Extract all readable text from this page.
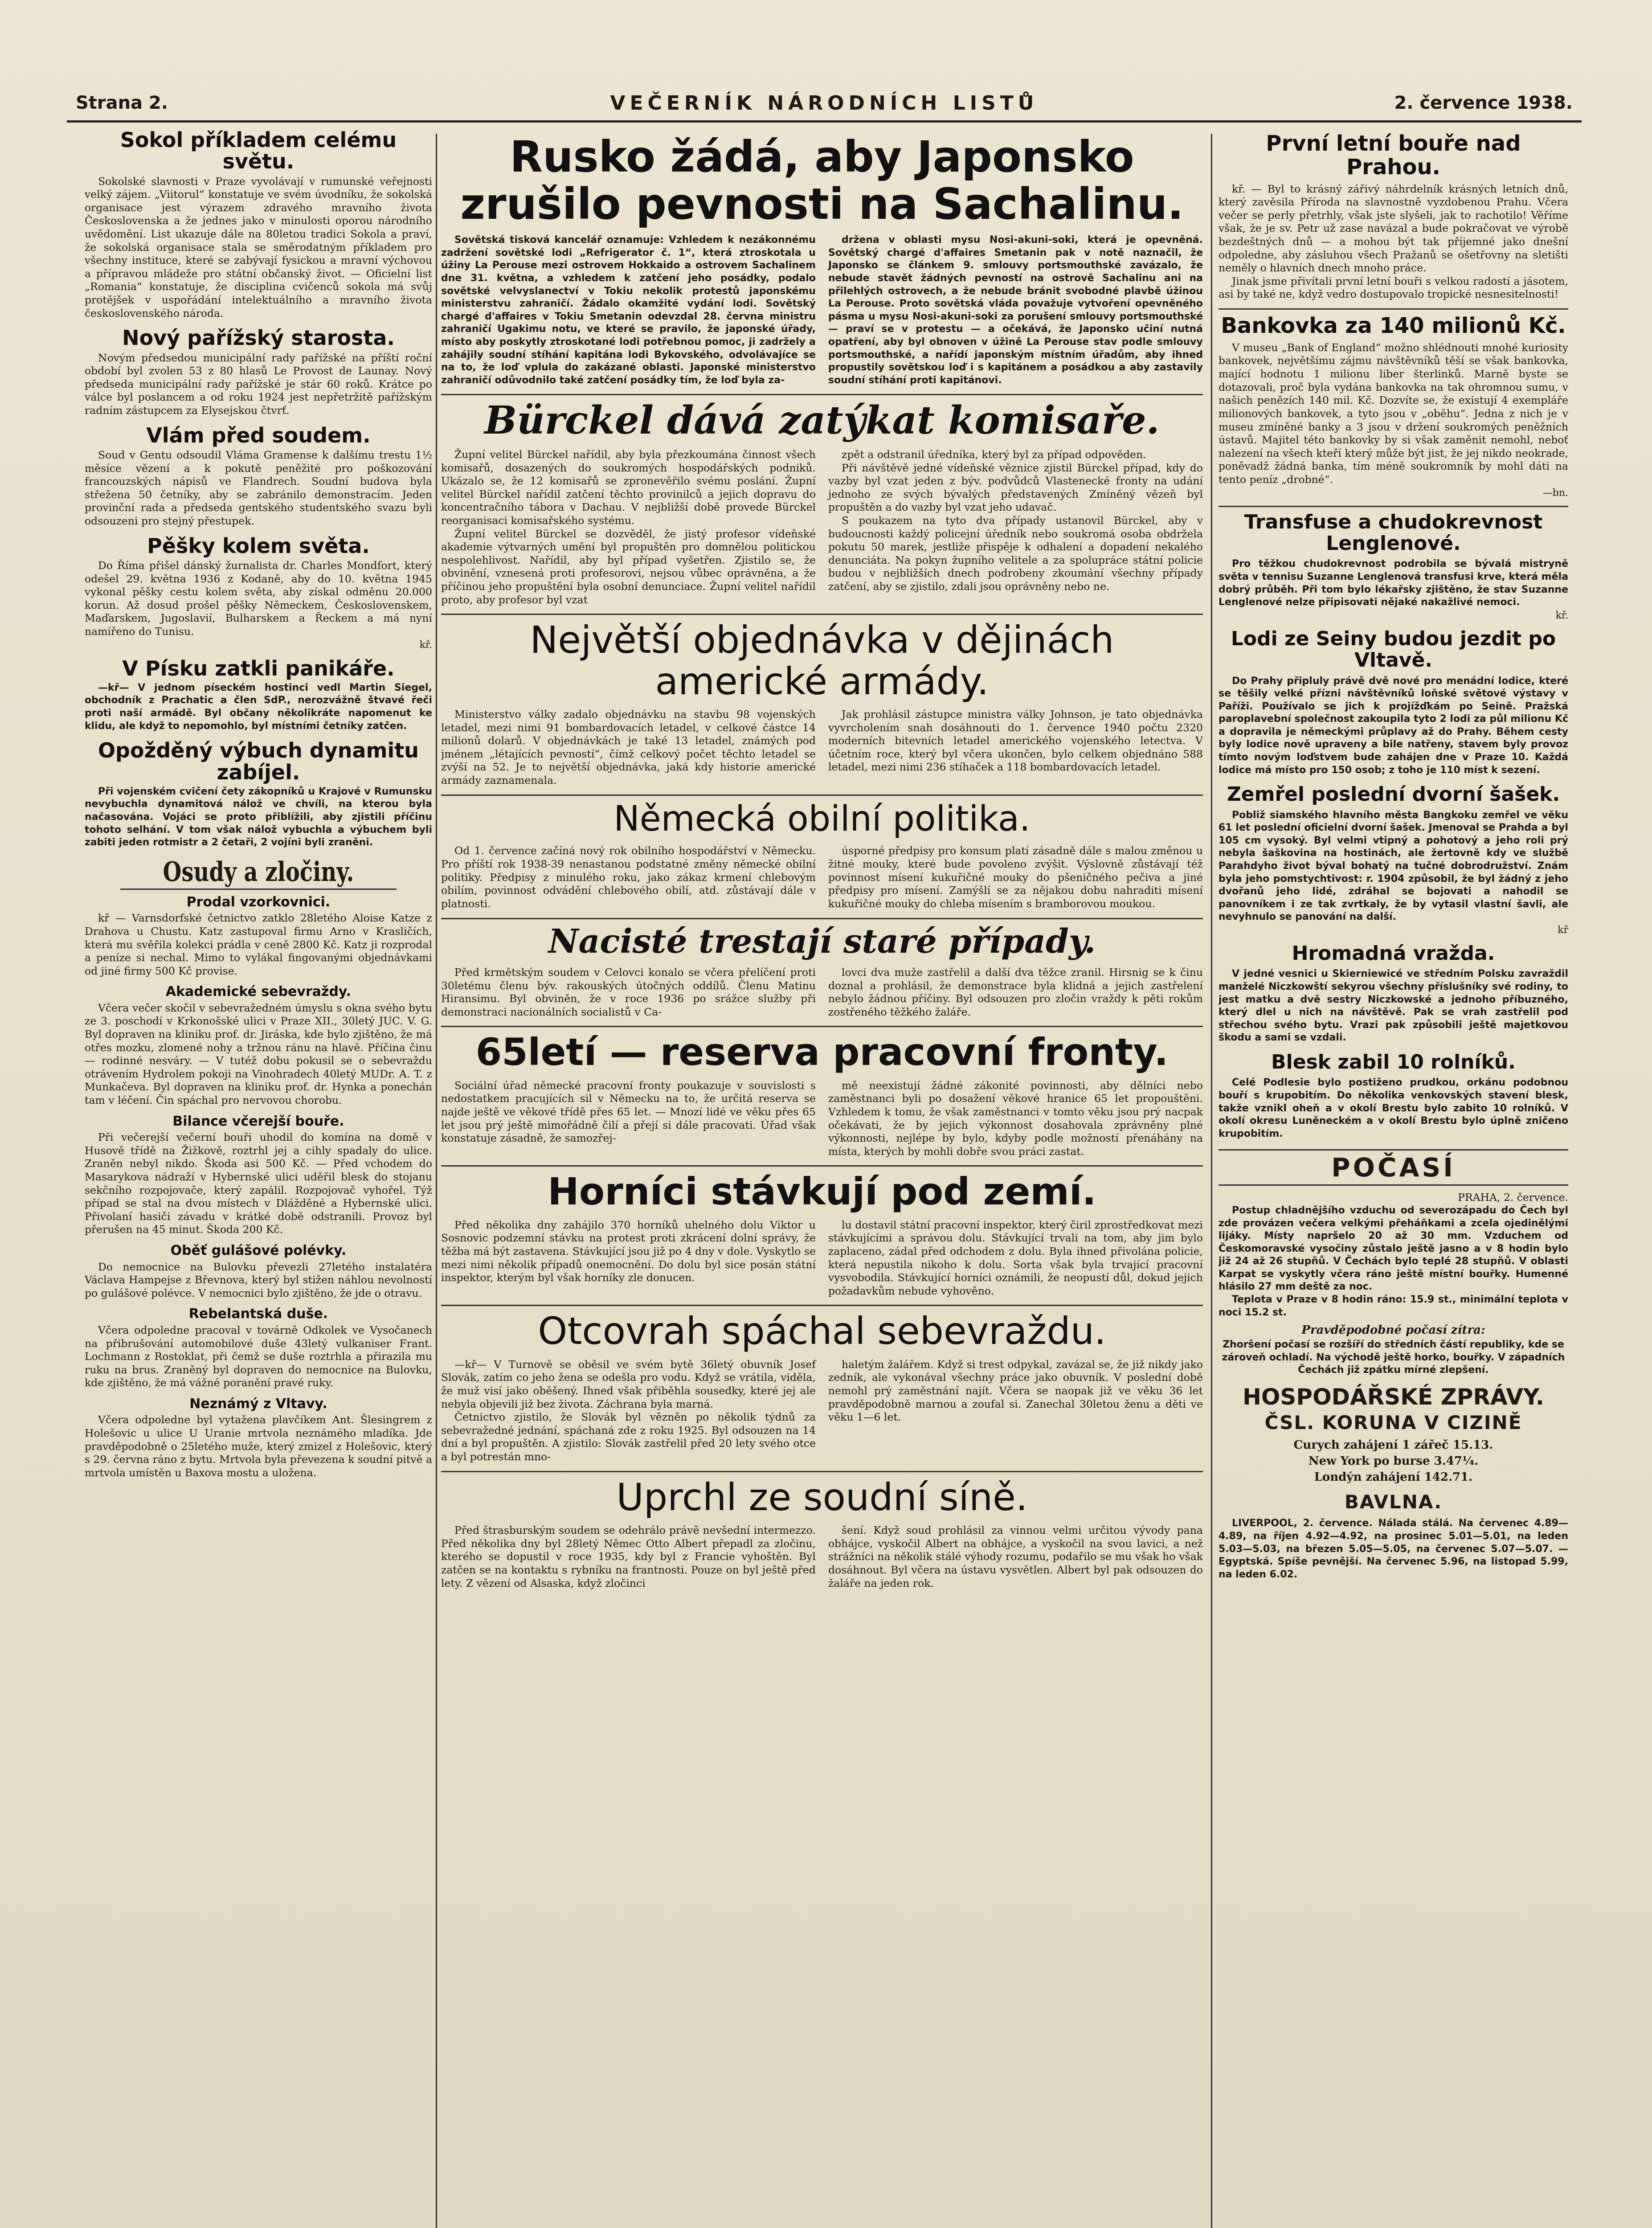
Strana 2.	VEČERNÍK NÁRODNÍCH LISTŮ	2. července 1938.
Sokol příkladem celému světu.

Sokolské slavnosti v Praze vyvolávají v rumunské veřejnosti velký zájem. „Viitorul“ konstatuje ve svém úvodníku, že sokolská organisace jest výrazem zdravého mravního života Československa a že jednes jako v minulosti oporou národního uvědomění. List ukazuje dále na 80letou tradici Sokola a praví, že sokolská organisace stala se směrodatným příkladem pro všechny instituce, které se zabývají fysickou a mravní výchovou a přípravou mládeže pro státní občanský život. — Oficielní list „Romania“ konstatuje, že disciplina cvičenců sokola má svůj protějšek v uspořádání intelektuálního a mravního života československého národa.

Nový pařížský starosta.

Novým předsedou municipální rady pařížské na příští roční období byl zvolen 53 z 80 hlasů Le Provost de Launay. Nový předseda municipální rady pařížské je stár 60 roků. Krátce po válce byl poslancem a od roku 1924 jest nepřetržitě pařížským radním zástupcem za Elysejskou čtvrť.

Vlám před soudem.

Soud v Gentu odsoudil Vláma Gramense k dalšímu trestu 1½ měsíce vězení a k pokutě peněžité pro poškozování francouzských nápisů ve Flandrech. Soudní budova byla střežena 50 četníky, aby se zabránilo demonstracím. Jeden provinční rada a předseda gentského studentského svazu byli odsouzeni pro stejný přestupek.

Pěšky kolem světa.

Do Říma přišel dánský žurnalista dr. Charles Mondfort, který odešel 29. května 1936 z Kodaně, aby do 10. května 1945 vykonal pěšky cestu kolem světa, aby získal odměnu 20.000 korun. Až dosud prošel pěšky Německem, Československem, Maďarskem, Jugoslavií, Bulharskem a Řeckem a má nyní namířeno do Tunisu.

kř.
V Písku zatkli panikáře.

—kř— V jednom píseckém hostinci vedl Martin Siegel, obchodník z Prachatic a člen SdP., nerozvážně štvavé řeči proti naší armádě. Byl občany několikráte napomenut ke klidu, ale když to nepomohlo, byl místními četníky zatčen.

Opožděný výbuch dynamitu zabíjel.

Při vojenském cvičení čety zákopníků u Krajové v Rumunsku nevybuchla dynamitová nálož ve chvíli, na kterou byla načasována. Vojáci se proto přiblížili, aby zjistili příčinu tohoto selhání. V tom však nálož vybuchla a výbuchem byli zabiti jeden rotmistr a 2 četaři, 2 vojíni byli zraněni.

Osudy a zločiny.
Prodal vzorkovnici.

kř — Varnsdorfské četnictvo zatklo 28letého Aloise Katze z Drahova u Chustu. Katz zastupoval firmu Arno v Krasličích, která mu svěřila kolekci prádla v ceně 2800 Kč. Katz ji rozprodal a peníze si nechal. Mimo to vylákal fingovanými objednávkami od jiné firmy 500 Kč provise.

Akademické sebevraždy.

Včera večer skočil v sebevražedném úmyslu s okna svého bytu ze 3. poschodí v Krkonošské ulici v Praze XII., 30letý JUC. V. G. Byl dopraven na kliniku prof. dr. Jiráska, kde bylo zjištěno, že má otřes mozku, zlomené nohy a tržnou ránu na hlavě. Příčina činu — rodinné nesváry. — V tutéž dobu pokusil se o sebevraždu otrávením Hydrolem pokoji na Vinohradech 40letý MUDr. A. T. z Munkačeva. Byl dopraven na kliniku prof. dr. Hynka a ponechán tam v léčení. Čin spáchal pro nervovou chorobu.

Bilance včerejší bouře.

Při večerejší večerní bouři uhodil do komína na domě v Husově třídě na Žižkově, roztrhl jej a cihly spadaly do ulice. Zraněn nebyl nikdo. Škoda asi 500 Kč. — Před vchodem do Masarykova nádraží v Hybernské ulici uděřil blesk do stojanu sekčního rozpojovače, který zapálil. Rozpojovač vyhořel. Týž případ se stal na dvou místech v Dlážděné a Hybernské ulici. Přivolaní hasiči závadu v krátké době odstranili. Provoz byl přerušen na 45 minut. Škoda 200 Kč.

Oběť gulášové polévky.

Do nemocnice na Bulovku převezli 27letého instalatéra Václava Hampejse z Břevnova, který byl stižen náhlou nevolností po gulášové polévce. V nemocnici bylo zjištěno, že jde o otravu.

Rebelantská duše.

Včera odpoledne pracoval v továrně Odkolek ve Vysočanech na přibrušování automobilové duše 43letý vulkaniser Frant. Lochmann z Rostoklat, při čemž se duše roztrhla a přirazila mu ruku na brus. Zraněný byl dopraven do nemocnice na Bulovku, kde zjištěno, že má vážné poranění pravé ruky.

Neznámý z Vltavy.

Včera odpoledne byl vytažena plavčíkem Ant. Šlesingrem z Holešovic u ulice U Uranie mrtvola neznámého mladíka. Jde pravděpodobně o 25letého muže, který zmizel z Holešovic, který s 29. června ráno z bytu. Mrtvola byla převezena k soudní pitvě a mrtvola umístěn u Baxova mostu a uložena.

Rusko žádá, aby Japonsko zrušilo pevnosti na Sachalinu.

Sovětská tisková kancelář oznamuje: Vzhledem k nezákonnému zadržení sovětské lodi „Refrigerator č. 1“, která ztroskotala u úžiny La Perouse mezi ostrovem Hokkaido a ostrovem Sachalinem dne 31. května, a vzhledem k zatčení jeho posádky, podalo sovětské velvyslanectví v Tokiu nekolik protestů japonskému ministerstvu zahraničí. Žádalo okamžité vydání lodi. Sovětský chargé d'affaires v Tokiu Smetanin odevzdal 28. června ministru zahraničí Ugakimu notu, ve které se pravilo, že japonské úřady, místo aby poskytly ztroskotané lodi potřebnou pomoc, ji zadržely a zahájily soudní stíhání kapitána lodi Bykovského, odvolávajíce se na to, že loď vplula do zakázané oblasti. Japonské ministerstvo zahraničí odůvodnilo také zatčení posádky tím, že loď byla za-

držena v oblasti mysu Nosi-akuni-soki, která je opevněná. Sovětský chargé d'affaires Smetanin pak v notě naznačil, že Japonsko se článkem 9. smlouvy portsmouthské zavázalo, že nebude stavět žádných pevností na ostrově Sachalinu ani na přilehlých ostrovech, a že nebude bránit svobodné plavbě úžinou La Perouse. Proto sovětská vláda považuje vytvoření opevněného pásma u mysu Nosi-akuni-soki za porušení smlouvy portsmouthské — praví se v protestu — a očekává, že Japonsko učiní nutná opatření, aby byl obnoven v úžině La Perouse stav podle smlouvy portsmouthské, a nařídí japonským místním úřadům, aby ihned propustily sovětskou loď i s kapitánem a posádkou a aby zastavily soudní stíhání proti kapitánovi.

Bürckel dává zatýkat komisaře.

Župní velitel Bürckel nařídil, aby byla přezkoumána činnost všech komisařů, dosazených do soukromých hospodářských podniků. Ukázalo se, že 12 komisařů se zpronevěřilo svému poslání. Župní velitel Bürckel nařídil zatčení těchto provinilců a jejich dopravu do koncentračního tábora v Dachau. V nejbližší době provede Bürckel reorganisaci komisařského systému.

Župní velitel Bürckel se dozvěděl, že jistý profesor vídeňské akademie výtvarných umění byl propuštěn pro domnělou politickou nespolehlivost. Nařídil, aby byl případ vyšetřen. Zjistilo se, že obvinění, vznesená proti profesorovi, nejsou vůbec oprávněna, a že příčinou jeho propuštění byla osobní denunciace. Župní velitel nařídil proto, aby profesor byl vzat

zpět a odstranil úředníka, který byl za případ odpověden.

Při návštěvě jedné vídeňské věznice zjistil Bürckel případ, kdy do vazby byl vzat jeden z býv. podvůdců Vlastenecké fronty na udání jednoho ze svých bývalých představených Zmíněný vězeň byl propuštěn a do vazby byl vzat jeho udavač.

S poukazem na tyto dva případy ustanovil Bürckel, aby v budoucnosti každý policejní úředník nebo soukromá osoba obdržela pokutu 50 marek, jestliže přispěje k odhalení a dopadení nekalého denunciáta. Na pokyn župního velitele a za spolupráce státní policie budou v nejbližších dnech podrobeny zkoumání všechny případy zatčení, aby se zjistilo, zdali jsou oprávněny nebo ne.

Největší objednávka v dějinách americké armády.

Ministerstvo války zadalo objednávku na stavbu 98 vojenských letadel, mezi nimi 91 bombardovacích letadel, v celkové částce 14 milionů dolarů. V objednávkách je také 13 letadel, známých pod jménem „létajících pevností“, čímž celkový počet těchto letadel se zvýší na 52. Je to největší objednávka, jaká kdy historie americké armády zaznamenala.

Jak prohlásil zástupce ministra války Johnson, je tato objednávka vyvrcholením snah dosáhnouti do 1. července 1940 počtu 2320 moderních bitevních letadel amerického vojenského letectva. V účetním roce, který byl včera ukončen, bylo celkem objednáno 588 letadel, mezi nimi 236 stíhaček a 118 bombardovacích letadel.

Německá obilní politika.

Od 1. července začíná nový rok obilního hospodářství v Německu. Pro příští rok 1938-39 nenastanou podstatné změny německé obilní politiky. Předpisy z minulého roku, jako zákaz krmení chlebovým obilím, povinnost odvádění chlebového obilí, atd. zůstávají dále v platnosti.

úsporné předpisy pro konsum platí zásadně dále s malou změnou u žitné mouky, které bude povoleno zvýšit. Výslovně zůstávají též povinnost mísení kukuřičné mouky do pšeničného pečiva a jiné předpisy pro mísení. Zamýšlí se za nějakou dobu nahraditi mísení kukuřičné mouky do chleba mísením s bramborovou moukou.

Nacisté trestají staré případy.

Před krmětským soudem v Celovci konalo se včera přelíčení proti 30letému členu býv. rakouských útočných oddílů. Členu Matinu Hiransimu. Byl obviněn, že v roce 1936 po srážce služby při demonstraci nacionálních socialistů v Ca-

lovci dva muže zastřelil a další dva těžce zranil. Hirsnig se k činu doznal a prohlásil, že demonstrace byla klidná a jejich zastřelení nebylo žádnou příčiny. Byl odsouzen pro zločin vraždy k pěti rokům zostřeného těžkého žaláře.

65letí — reserva pracovní fronty.

Sociální úřad německé pracovní fronty poukazuje v souvislosti s nedostatkem pracujících sil v Německu na to, že určitá reserva se najde ještě ve věkové třídě přes 65 let. — Mnozí lidé ve věku přes 65 let jsou prý ještě mimořádně čilí a přejí si dále pracovati. Úřad však konstatuje zásadně, že samozřej-

mě neexistují žádné zákonité povinnosti, aby dělníci nebo zaměstnanci byli po dosažení věkové hranice 65 let propouštěni. Vzhledem k tomu, že však zaměstnanci v tomto věku jsou prý nacpak očekávati, že by jejich výkonnost dosahovala zprávněny plné výkonnosti, nejlépe by bylo, kdyby podle možností přenáhány na místa, kterých by mohli dobře svou práci zastat.

Horníci stávkují pod zemí.

Před několika dny zahájilo 370 horníků uhelného dolu Viktor u Sosnovic podzemní stávku na protest proti zkrácení dolní správy, že těžba má být zastavena. Stávkující jsou již po 4 dny v dole. Vyskytlo se mezi nimi několik případů onemocnění. Do dolu byl sice posán státní inspektor, kterým byl však horníky zle donucen.

lu dostavil státní pracovní inspektor, který čiril zprostředkovat mezi stávkujícími a správou dolu. Stávkující trvali na tom, aby jim bylo zaplaceno, zádal před odchodem z dolu. Byla ihned přivolána policie, která nepustila nikoho k dolu. Sorta však byla trvající pracovní vysvobodila. Stávkující horníci oznámili, že neopustí důl, dokud jejich požadavkům nebude vyhověno.

Otcovrah spáchal sebevraždu.

—kř— V Turnově se oběsil ve svém bytě 36letý obuvník Josef Slovák, zatím co jeho žena se odešla pro vodu. Když se vrátila, viděla, že muž visí jako oběšený. Ihned však přiběhla sousedky, které jej ale nebyla objevili již bez života. Záchrana byla marná.

Četnictvo zjistilo, že Slovák byl vězněn po několik týdnů za sebevražedné jednání, spáchaná zde z roku 1925. Byl odsouzen na 14 dní a byl propuštěn. A zjistilo: Slovák zastřelil před 20 lety svého otce a byl potrestán mno-

haletým žalářem. Když si trest odpykal, zavázal se, že již nikdy jako zedník, ale vykonával všechny práce jako obuvník. V poslední době nemohl prý zaměstnání najít. Včera se naopak již ve věku 36 let pravděpodobně marnou a zoufal si. Zanechal 30letou ženu a děti ve věku 1—6 let.

Uprchl ze soudní síně.

Před štrasburským soudem se odehrálo právě nevšední intermezzo. Před několika dny byl 28letý Němec Otto Albert přepadl za zločinu, kterého se dopustil v roce 1935, kdy byl z Francie vyhoštěn. Byl zatčen se na kontaktu s rybníku na frantnosti. Pouze on byl ještě před lety. Z vězení od Alsaska, když zločinci

šení. Když soud prohlásil za vinnou velmi určitou vývody pana obhájce, vyskočil Albert na obhájce, a vyskočil na svou lavici, a než strážníci na několik stálé výhody rozumu, podařilo se mu však ho však dosáhnout. Byl včera na ústavu vysvětlen. Albert byl pak odsouzen do žaláře na jeden rok.

První letní bouře nad Prahou.

kř. — Byl to krásný zářivý náhrdelník krásných letních dnů, který zavěsila Příroda na slavnostně vyzdobenou Prahu. Včera večer se perly přetrhly, však jste slyšeli, jak to rachotilo! Věříme však, že je sv. Petr už zase navázal a bude pokračovat ve výrobě bezdeštných dnů — a mohou být tak příjemné jako dnešní odpoledne, aby zásluhou všech Pražanů se ošetřovny na sletišti neměly o hlavních dnech mnoho práce.

Jinak jsme přivítali první letní bouři s velkou radostí a jásotem, asi by také ne, když vedro dostupovalo tropické nesnesitelnosti!

Bankovka za 140 milionů Kč.

V museu „Bank of England“ možno shlédnouti mnohé kuriosity bankovek, největšímu zájmu návštěvníků těší se však bankovka, mající hodnotu 1 milionu liber šterlinků. Marně byste se dotazovali, proč byla vydána bankovka na tak ohromnou sumu, v našich penězích 140 mil. Kč. Dozvíte se, že existují 4 exempláře milionových bankovek, a tyto jsou v „oběhu“. Jedna z nich je v museu zmíněné banky a 3 jsou v držení soukromých peněžních ústavů. Majitel této bankovky by si však zaměnit nemohl, neboť nalezení na všech kteří který může být jist, že jej nikdo neokrade, poněvadž žádná banka, tím méně soukromník by mohl dáti na tento peníz „drobné“.

—bn.
Transfuse a chudokrevnost Lenglenové.

Pro těžkou chudokrevnost podrobila se bývalá mistryně světa v tennisu Suzanne Lenglenová transfusi krve, která měla dobrý průběh. Při tom bylo lékařsky zjištěno, že stav Suzanne Lenglenové nelze připisovati nějaké nakažlivé nemoci.

kř.
Lodi ze Seiny budou jezdit po Vltavě.

Do Prahy připluly právě dvě nové pro menádní lodice, které se těšily velké přízni návštěvníků loňské světové výstavy v Paříži. Používalo se jich k projížďkám po Seině. Pražská paroplavební společnost zakoupila tyto 2 lodi za půl milionu Kč a dopravila je německými průplavy až do Prahy. Během cesty byly lodice nově upraveny a bile natřeny, stavem byly provoz tímto novým loďstvem bude zahájen dne v Praze 10. Každá lodice má místo pro 150 osob; z toho je 110 míst k sezení.

Zemřel poslední dvorní šašek.

Pobliž siamského hlavního města Bangkoku zemřel ve věku 61 let poslední oficielní dvorní šašek. Jmenoval se Prahda a byl 105 cm vysoký. Byl velmi vtipný a pohotový a jeho roli prý nebyla šaškovina na hostinách, ale žertovně kdy ve službě Parahdyho život býval bohatý na tučné dobrodružství. Znám byla jeho pomstychtivost: r. 1904 způsobil, že byl žádný z jeho dvořanů jeho lidé, zdráhal se bojovati a nahodil se panovníkem i ze tak zvrtkaly, že by vytasil vlastní šavli, ale nevyhnulo se panování na další.

kř
Hromadná vražda.

V jedné vesnici u Skierniewicé ve středním Polsku zavraždil manželé Niczkowští sekyrou všechny příslušníky své rodiny, to jest matku a dvě sestry Niczkowské a jednoho příbuzného, který dlel u nich na návštěvě. Pak se vrah zastřelil pod střechou svého bytu. Vrazi pak způsobili ještě majetkovou škodu a sami se vzdali.

Blesk zabil 10 rolníků.

Celé Podlesie bylo postiženo prudkou, orkánu podobnou bouří s krupobitím. Do několika venkovských stavení blesk, takže vznikl oheň a v okolí Brestu bylo zabito 10 rolníků. V okolí okresu Luněneckém a v okolí Brestu bylo úplně zničeno krupobitím.

POČASÍ

PRAHA, 2. července.

Postup chladnějšího vzduchu od severozápadu do Čech byl zde provázen večera velkými přeháňkami a zcela ojedinělými lijáky. Místy napršelo 20 až 30 mm. Vzduchem od Českomoravské vysočiny zůstalo ještě jasno a v 8 hodin bylo již 24 až 26 stupňů. V Čechách bylo teplé 28 stupňů. V oblasti Karpat se vyskytly včera ráno ještě místní bouřky. Humenné hlásilo 27 mm deště za noc.

Teplota v Praze v 8 hodin ráno: 15.9 st., minimální teplota v noci 15.2 st.

Pravděpodobné počasí zítra:

Zhoršení počasí se rozšíří do středních částí republiky, kde se zároveň ochladí. Na východě ještě horko, bouřky. V západních Čechách již zpátku mírné zlepšení.

HOSPODÁŘSKÉ ZPRÁVY.
ČSL. KORUNA V CIZINĚ
Curych zahájení 1 zářeč 15.13.
New York po burse 3.47¼.
Londýn zahájení 142.71.
BAVLNA.

LIVERPOOL, 2. července. Nálada stálá. Na červenec 4.89—4.89, na říjen 4.92—4.92, na prosinec 5.01—5.01, na leden 5.03—5.03, na březen 5.05—5.05, na červenec 5.07—5.07. — Egyptská. Spíše pevnější. Na červenec 5.96, na listopad 5.99, na leden 6.02.
